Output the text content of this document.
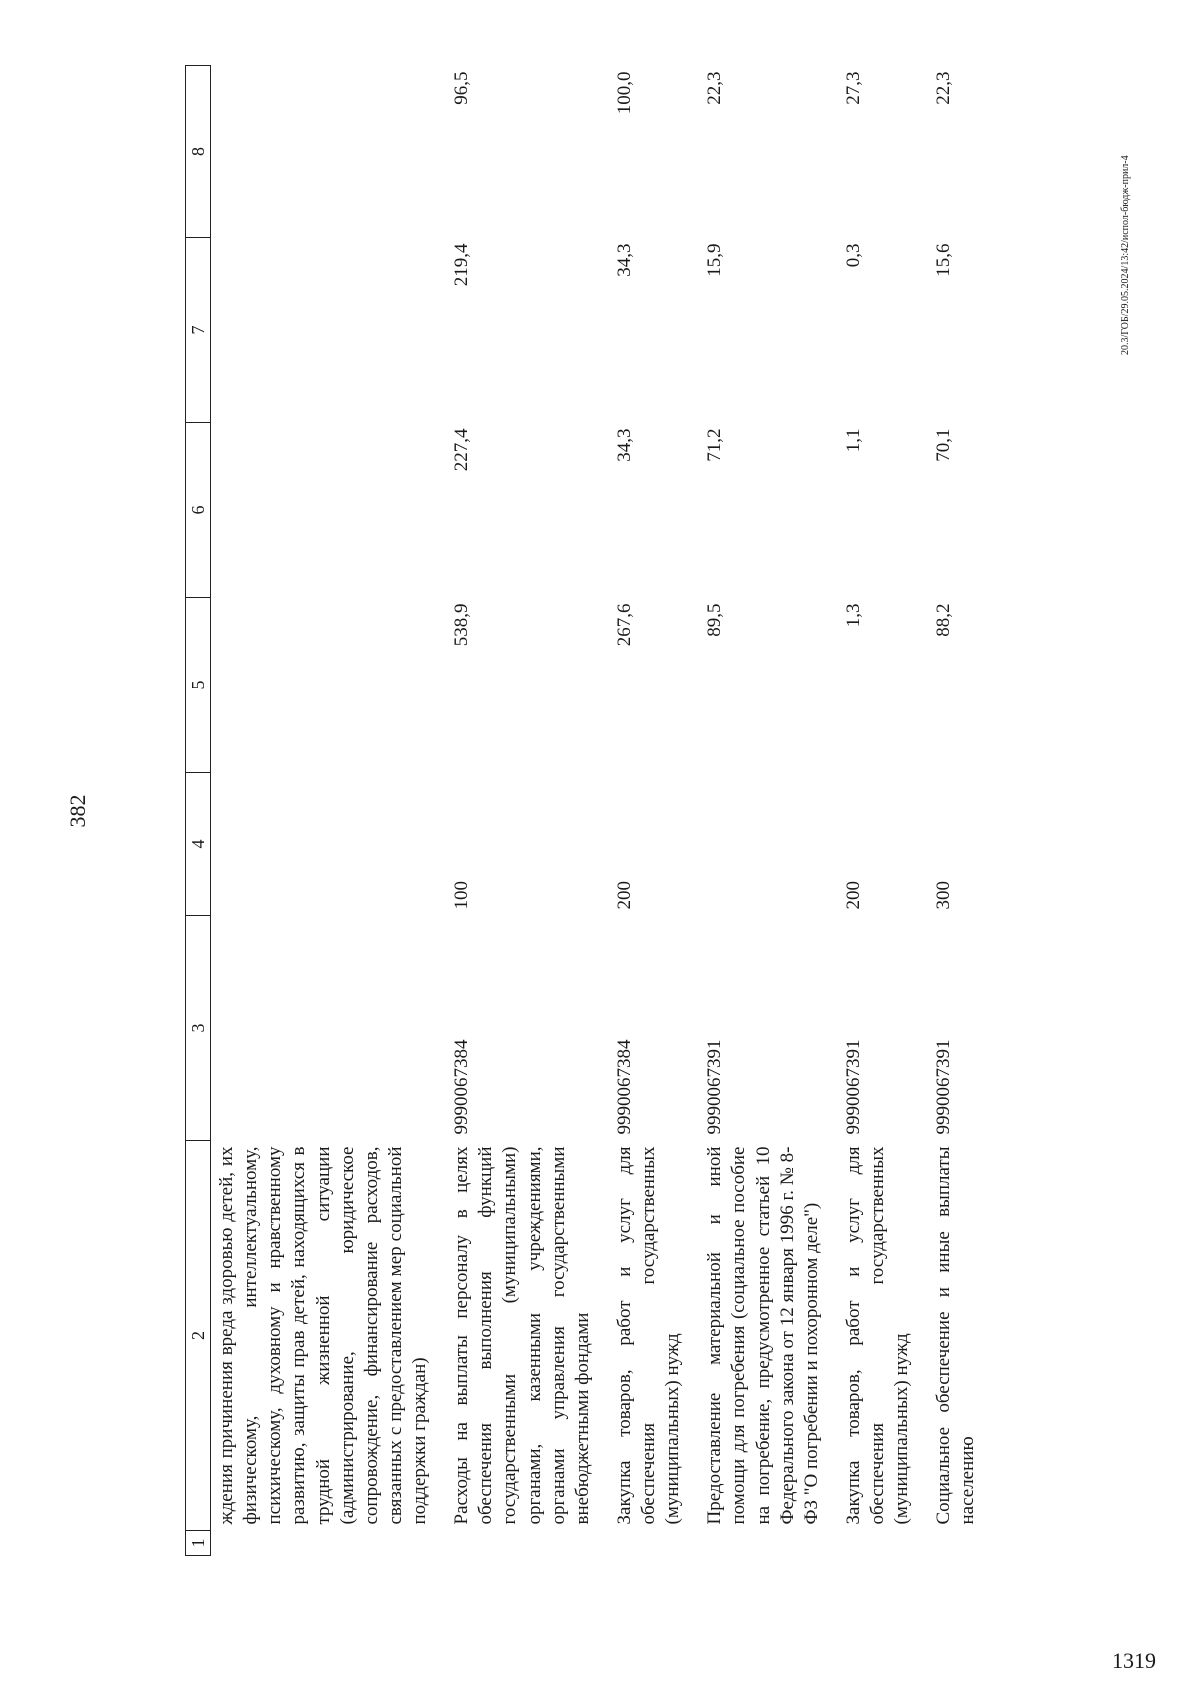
382
1	2	3	4	5	6	7	8
	ждения причинения вреда здоровью детей, их физическому, интеллектуальному, психическому, духовному и нравственному развитию, защиты прав детей, находящихся в трудной жизненной ситуации (администрирование, юридическое сопровождение, финансирование расходов, связанных с предоставлением мер социальной поддержки граждан)						
	Расходы на выплаты персоналу в целях обеспечения выполнения функций государственными (муниципальными) органами, казенными учреждениями, органами управления государственными внебюджетными фондами	9990067384	100	538,9	227,4	219,4	96,5
	Закупка товаров, работ и услуг для обеспечения государственных (муниципальных) нужд	9990067384	200	267,6	34,3	34,3	100,0
	Предоставление материальной и иной помощи для погребения (социальное пособие на погребение, предусмотренное статьей 10 Федерального закона от 12 января 1996 г. № 8-ФЗ "О погребении и похоронном деле")	9990067391		89,5	71,2	15,9	22,3
	Закупка товаров, работ и услуг для обеспечения государственных (муниципальных) нужд	9990067391	200	1,3	1,1	0,3	27,3
	Социальное обеспечение и иные выплаты населению	9990067391	300	88,2	70,1	15,6	22,3
20.3/ГОБ/29.05.2024/13:42/испол-бюдж-прил-4
1319
